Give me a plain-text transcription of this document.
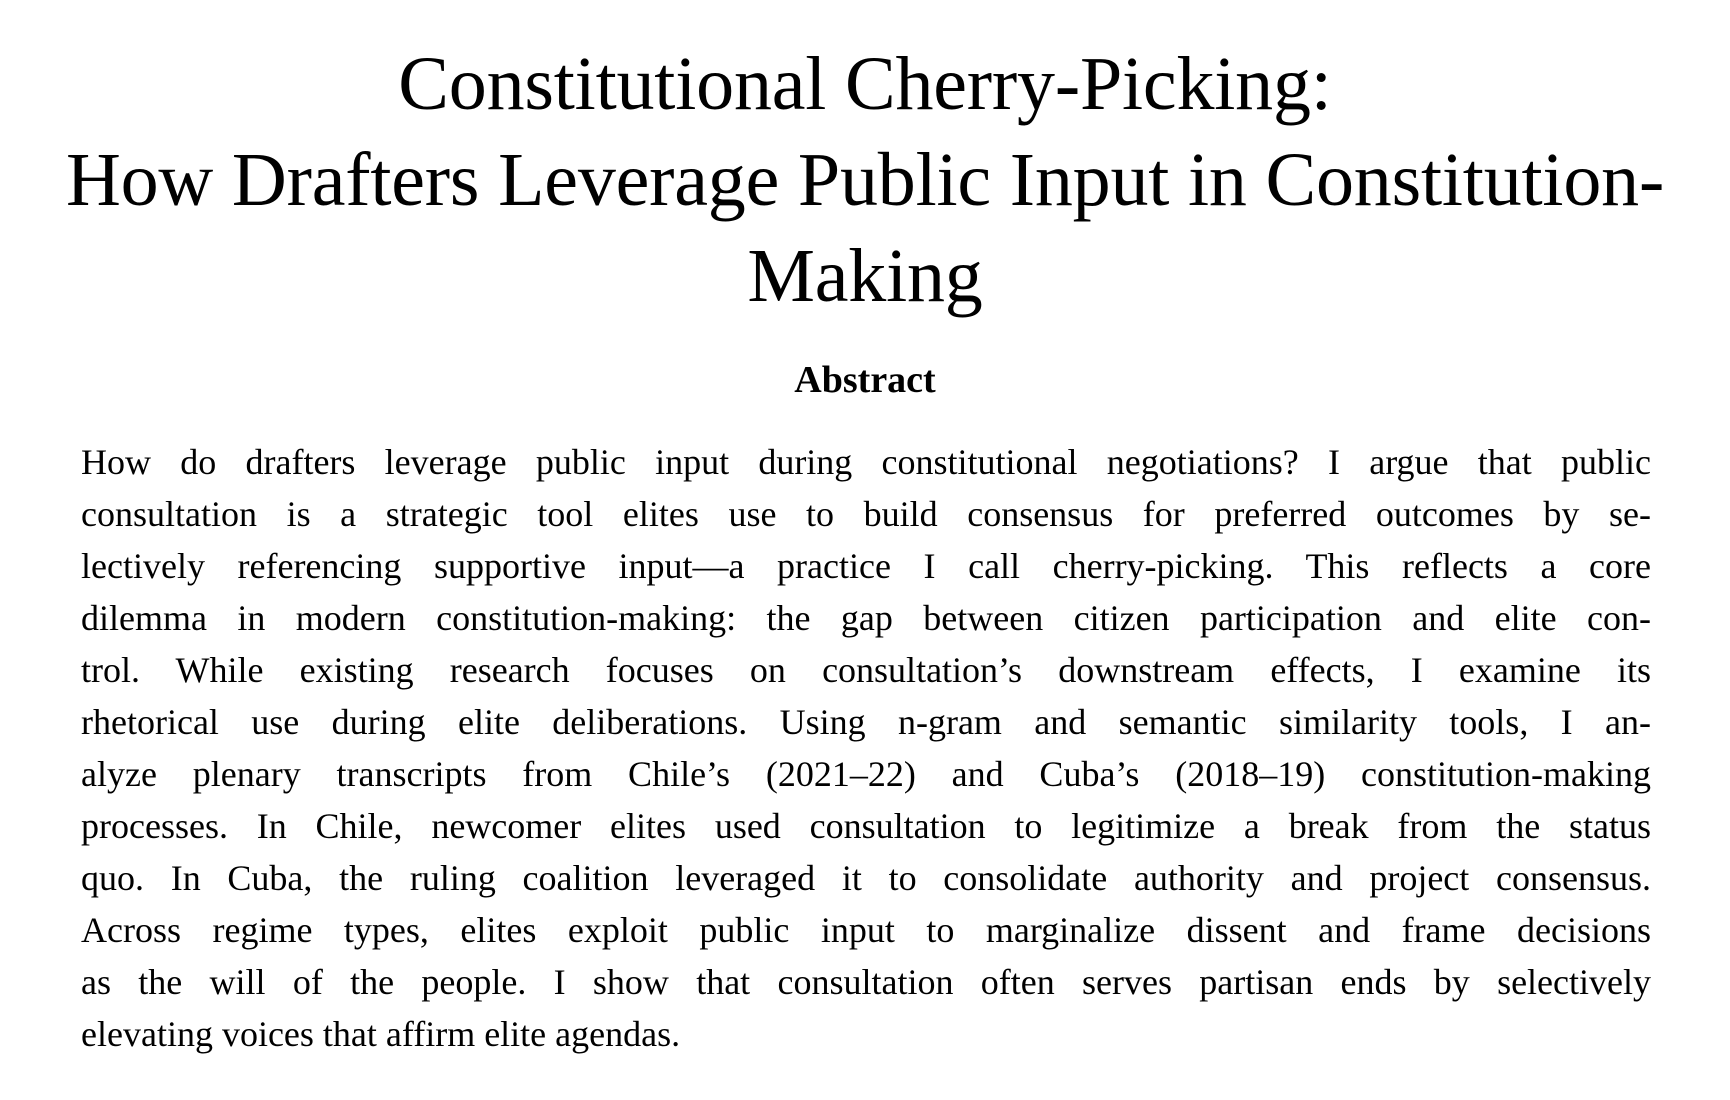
Constitutional Cherry-Picking:
How Drafters Leverage Public Input in Constitution-
Making
Abstract
How do drafters leverage public input during constitutional negotiations? I argue that public
consultation is a strategic tool elites use to build consensus for preferred outcomes by se-
lectively referencing supportive input—a practice I call cherry-picking. This reflects a core
dilemma in modern constitution-making: the gap between citizen participation and elite con-
trol. While existing research focuses on consultation’s downstream effects, I examine its
rhetorical use during elite deliberations. Using n-gram and semantic similarity tools, I an-
alyze plenary transcripts from Chile’s (2021–22) and Cuba’s (2018–19) constitution-making
processes. In Chile, newcomer elites used consultation to legitimize a break from the status
quo. In Cuba, the ruling coalition leveraged it to consolidate authority and project consensus.
Across regime types, elites exploit public input to marginalize dissent and frame decisions
as the will of the people. I show that consultation often serves partisan ends by selectively
elevating voices that affirm elite agendas.
